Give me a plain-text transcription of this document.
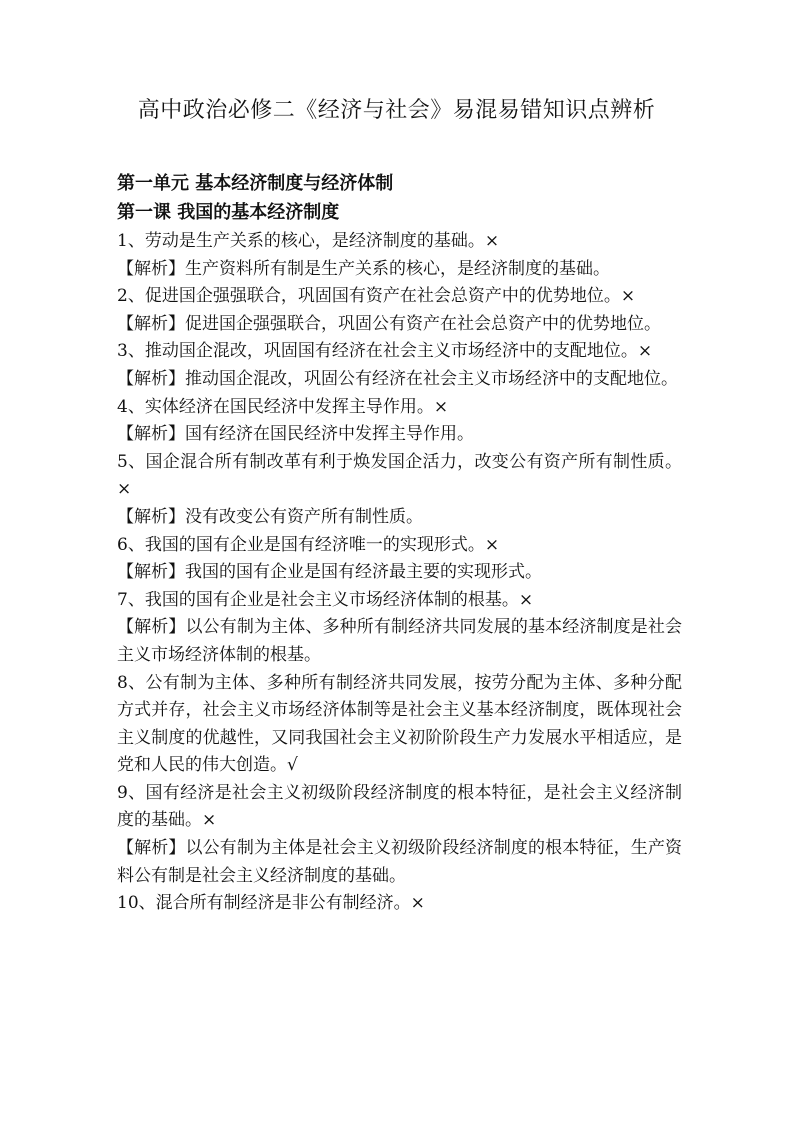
高中政治必修二《经济与社会》易混易错知识点辨析
第一单元 基本经济制度与经济体制
第一课 我国的基本经济制度

1、劳动是生产关系的核心，是经济制度的基础。×

【解析】生产资料所有制是生产关系的核心，是经济制度的基础。

2、促进国企强强联合，巩固国有资产在社会总资产中的优势地位。×

【解析】促进国企强强联合，巩固公有资产在社会总资产中的优势地位。

3、推动国企混改，巩固国有经济在社会主义市场经济中的支配地位。×

【解析】推动国企混改，巩固公有经济在社会主义市场经济中的支配地位。

4、实体经济在国民经济中发挥主导作用。×

【解析】国有经济在国民经济中发挥主导作用。

5、国企混合所有制改革有利于焕发国企活力，改变公有资产所有制性质。×

【解析】没有改变公有资产所有制性质。

6、我国的国有企业是国有经济唯一的实现形式。×

【解析】我国的国有企业是国有经济最主要的实现形式。

7、我国的国有企业是社会主义市场经济体制的根基。×

【解析】以公有制为主体、多种所有制经济共同发展的基本经济制度是社会主义市场经济体制的根基。

8、公有制为主体、多种所有制经济共同发展，按劳分配为主体、多种分配方式并存，社会主义市场经济体制等是社会主义基本经济制度，既体现社会主义制度的优越性，又同我国社会主义初阶阶段生产力发展水平相适应，是党和人民的伟大创造。√

9、国有经济是社会主义初级阶段经济制度的根本特征，是社会主义经济制度的基础。×

【解析】以公有制为主体是社会主义初级阶段经济制度的根本特征，生产资料公有制是社会主义经济制度的基础。

10、混合所有制经济是非公有制经济。×
